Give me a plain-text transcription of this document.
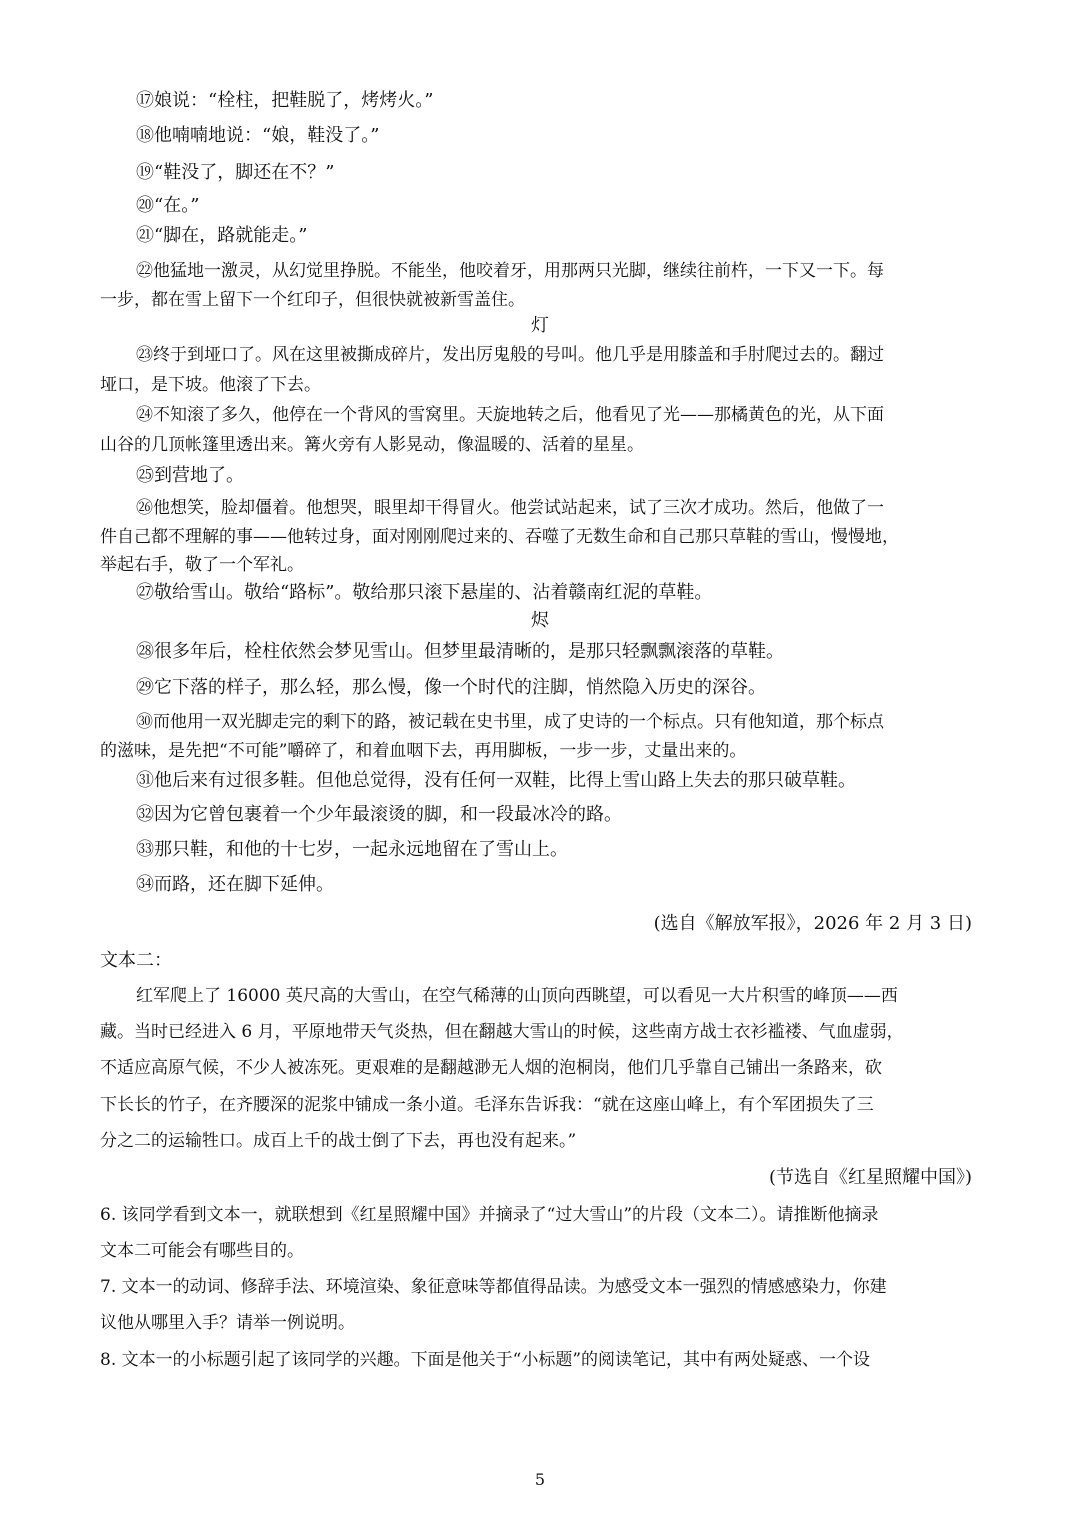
⑰娘说：“栓柱，把鞋脱了，烤烤火。”
⑱他喃喃地说：“娘，鞋没了。”
⑲“鞋没了，脚还在不？”
⑳“在。”
㉑“脚在，路就能走。”
㉒他猛地一激灵，从幻觉里挣脱。不能坐，他咬着牙，用那两只光脚，继续往前杵，一下又一下。每
一步，都在雪上留下一个红印子，但很快就被新雪盖住。
灯
㉓终于到垭口了。风在这里被撕成碎片，发出厉鬼般的号叫。他几乎是用膝盖和手肘爬过去的。翻过
垭口，是下坡。他滚了下去。
㉔不知滚了多久，他停在一个背风的雪窝里。天旋地转之后，他看见了光——那橘黄色的光，从下面
山谷的几顶帐篷里透出来。篝火旁有人影晃动，像温暖的、活着的星星。
㉕到营地了。
㉖他想笑，脸却僵着。他想哭，眼里却干得冒火。他尝试站起来，试了三次才成功。然后，他做了一
件自己都不理解的事——他转过身，面对刚刚爬过来的、吞噬了无数生命和自己那只草鞋的雪山，慢慢地，
举起右手，敬了一个军礼。
㉗敬给雪山。敬给“路标”。敬给那只滚下悬崖的、沾着赣南红泥的草鞋。
烬
㉘很多年后，栓柱依然会梦见雪山。但梦里最清晰的，是那只轻飘飘滚落的草鞋。
㉙它下落的样子，那么轻，那么慢，像一个时代的注脚，悄然隐入历史的深谷。
㉚而他用一双光脚走完的剩下的路，被记载在史书里，成了史诗的一个标点。只有他知道，那个标点
的滋味，是先把“不可能”嚼碎了，和着血咽下去，再用脚板，一步一步，丈量出来的。
㉛他后来有过很多鞋。但他总觉得，没有任何一双鞋，比得上雪山路上失去的那只破草鞋。
㉜因为它曾包裹着一个少年最滚烫的脚，和一段最冰冷的路。
㉝那只鞋，和他的十七岁，一起永远地留在了雪山上。
㉞而路，还在脚下延伸。
(选自《解放军报》，2026 年 2 月 3 日)
文本二：
红军爬上了 16000 英尺高的大雪山，在空气稀薄的山顶向西眺望，可以看见一大片积雪的峰顶——西
藏。当时已经进入 6 月，平原地带天气炎热，但在翻越大雪山的时候，这些南方战士衣衫褴褛、气血虚弱，
不适应高原气候，不少人被冻死。更艰难的是翻越渺无人烟的泡桐岗，他们几乎靠自己铺出一条路来，砍
下长长的竹子，在齐腰深的泥浆中铺成一条小道。毛泽东告诉我：“就在这座山峰上，有个军团损失了三
分之二的运输牲口。成百上千的战士倒了下去，再也没有起来。”
(节选自《红星照耀中国》)
6. 该同学看到文本一，就联想到《红星照耀中国》并摘录了“过大雪山”的片段（文本二）。请推断他摘录
文本二可能会有哪些目的。
7. 文本一的动词、修辞手法、环境渲染、象征意味等都值得品读。为感受文本一强烈的情感感染力，你建
议他从哪里入手？请举一例说明。
8. 文本一的小标题引起了该同学的兴趣。下面是他关于“小标题”的阅读笔记，其中有两处疑惑、一个设
5
